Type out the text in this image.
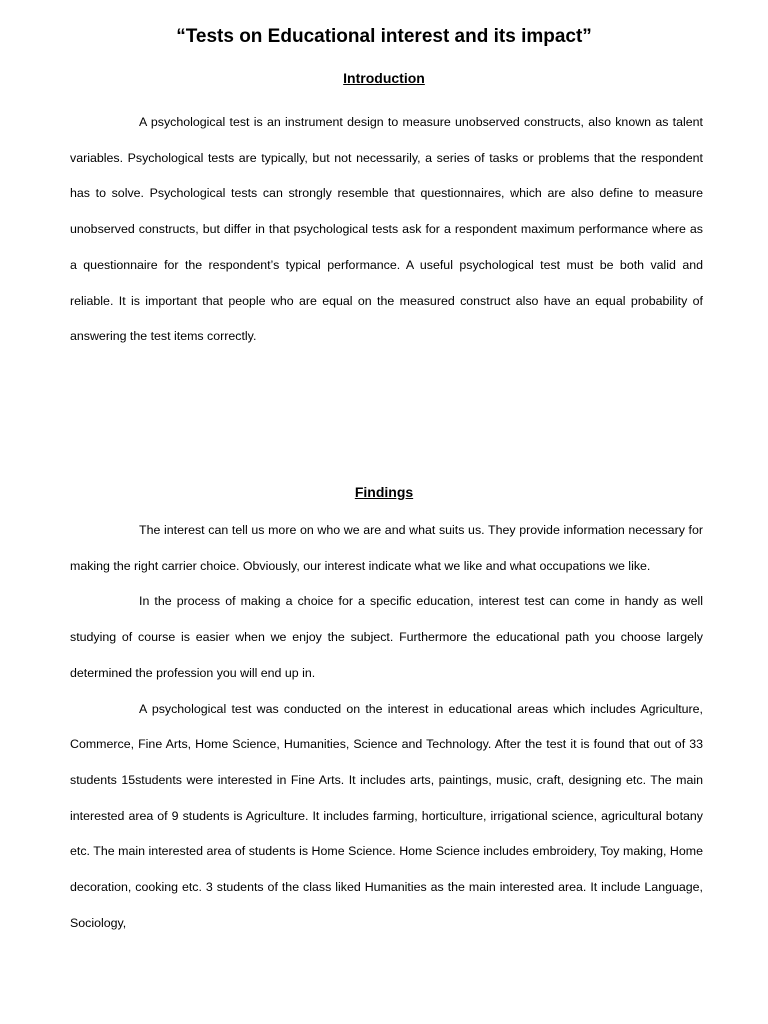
“Tests on Educational interest and its impact”
Introduction

A psychological test is an instrument design to measure unobserved constructs, also known as talent variables. Psychological tests are typically, but not necessarily, a series of tasks or problems that the respondent has to solve. Psychological tests can strongly resemble that questionnaires, which are also define to measure unobserved constructs, but differ in that psychological tests ask for a respondent maximum performance where as a questionnaire for the respondent’s typical performance. A useful psychological test must be both valid and reliable. It is important that people who are equal on the measured construct also have an equal probability of answering the test items correctly.

Findings

The interest can tell us more on who we are and what suits us. They provide information necessary for making the right carrier choice. Obviously, our interest indicate what we like and what occupations we like.

In the process of making a choice for a specific education, interest test can come in handy as well studying of course is easier when we enjoy the subject. Furthermore the educational path you choose largely determined the profession you will end up in.

A psychological test was conducted on the interest in educational areas which includes Agriculture, Commerce, Fine Arts, Home Science, Humanities, Science and Technology. After the test it is found that out of 33 students 15students were interested in Fine Arts. It includes arts, paintings, music, craft, designing etc. The main interested area of 9 students is Agriculture. It includes farming, horticulture, irrigational science, agricultural botany etc. The main interested area of students is Home Science. Home Science includes embroidery, Toy making, Home decoration, cooking etc. 3 students of the class liked Humanities as the main interested area. It include Language, Sociology,
